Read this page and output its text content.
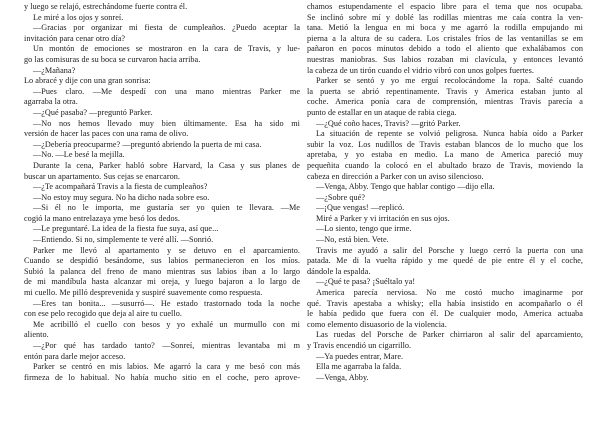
y luego se relajó, estrechándome fuerte contra él.
Le miré a los ojos y sonreí.
—Gracias por organizar mi fiesta de cumpleaños. ¿Puedo aceptar la
invitación para cenar otro día?
Un montón de emociones se mostraron en la cara de Travis, y lue-
go las comisuras de su boca se curvaron hacia arriba.
—¿Mañana?
Lo abracé y dije con una gran sonrisa:
—Pues claro. —Me despedí con una mano mientras Parker me
agarraba la otra.
—¿Qué pasaba? —preguntó Parker.
—No nos hemos llevado muy bien últimamente. Esa ha sido mi
versión de hacer las paces con una rama de olivo.
—¿Debería preocuparme? —preguntó abriendo la puerta de mi casa.
—No. —Le besé la mejilla.
Durante la cena, Parker habló sobre Harvard, la Casa y sus planes de
buscar un apartamento. Sus cejas se enarcaron.
—¿Te acompañará Travis a la fiesta de cumpleaños?
—No estoy muy segura. No ha dicho nada sobre eso.
—Si él no le importa, me gustaría ser yo quien te llevara. —Me
cogió la mano entrelazaya yme besó los dedos.
—Le preguntaré. La idea de la fiesta fue suya, así que...
—Entiendo. Si no, simplemente te veré allí. —Sonrió.
Parker me llevó al apartamento y se detuvo en el aparcamiento.
Cuando se despidió besándome, sus labios permanecieron en los míos.
Subió la palanca del freno de mano mientras sus labios iban a lo largo
de mi mandíbula hasta alcanzar mi oreja, y luego bajaron a lo largo de
mi cuello. Me pilló desprevenida y suspiré suavemente como respuesta.
—Eres tan bonita... —susurró—. He estado trastornado toda la noche
con ese pelo recogido que deja al aire tu cuello.
Me acribilló el cuello con besos y yo exhalé un murmullo con mi
aliento.
—¿Por qué has tardado tanto? —Sonreí, mientras levantaba mi m
entón para darle mejor acceso.
Parker se centró en mis labios. Me agarró la cara y me besó con más
firmeza de lo habitual. No había mucho sitio en el coche, pero aprove-
chamos estupendamente el espacio libre para el tema que nos ocupaba.
Se inclinó sobre mí y doblé las rodillas mientras me caía contra la ven-
tana. Metió la lengua en mi boca y me agarró la rodilla empujando mi
pierna a la altura de su cadera. Los cristales fríos de las ventanillas se em
pañaron en pocos minutos debido a todo el aliento que exhalábamos con
nuestras maniobras. Sus labios rozaban mi clavícula, y entonces levantó
la cabeza de un tirón cuando el vidrio vibró con unos golpes fuertes.
Parker se sentó y yo me erguí recolocándome la ropa. Salté cuando
la puerta se abrió repentinamente. Travis y America estaban junto al
coche. America ponía cara de comprensión, mientras Travis parecía a
punto de estallar en un ataque de rabia ciega.
—¿Qué coño haces, Travis? —gritó Parker.
La situación de repente se volvió peligrosa. Nunca había oído a Parker
subir la voz. Los nudillos de Travis estaban blancos de lo mucho que los
apretaba, y yo estaba en medio. La mano de America pareció muy
pequeñita cuando la colocó en el abultado brazo de Travis, moviendo la
cabeza en dirección a Parker con un aviso silencioso.
—Venga, Abby. Tengo que hablar contigo —dijo ella.
—¿Sobre qué?
—¡Que vengas! —replicó.
Miré a Parker y vi irritación en sus ojos.
—Lo siento, tengo que irme.
—No, está bien. Vete.
Travis me ayudó a salir del Porsche y luego cerró la puerta con una
patada. Me di la vuelta rápido y me quedé de pie entre él y el coche,
dándole la espalda.
—¿Qué te pasa? ¡Suéltalo ya!
America parecía nerviosa. No me costó mucho imaginarme por
qué. Travis apestaba a whisky; ella había insistido en acompañarlo o él
le había pedido que fuera con él. De cualquier modo, America actuaba
como elemento disuasorio de la violencia.
Las ruedas del Porsche de Parker chirriaron al salir del aparcamiento,
y Travis encendió un cigarrillo.
—Ya puedes entrar, Mare.
Ella me agarraba la falda.
—Venga, Abby.
